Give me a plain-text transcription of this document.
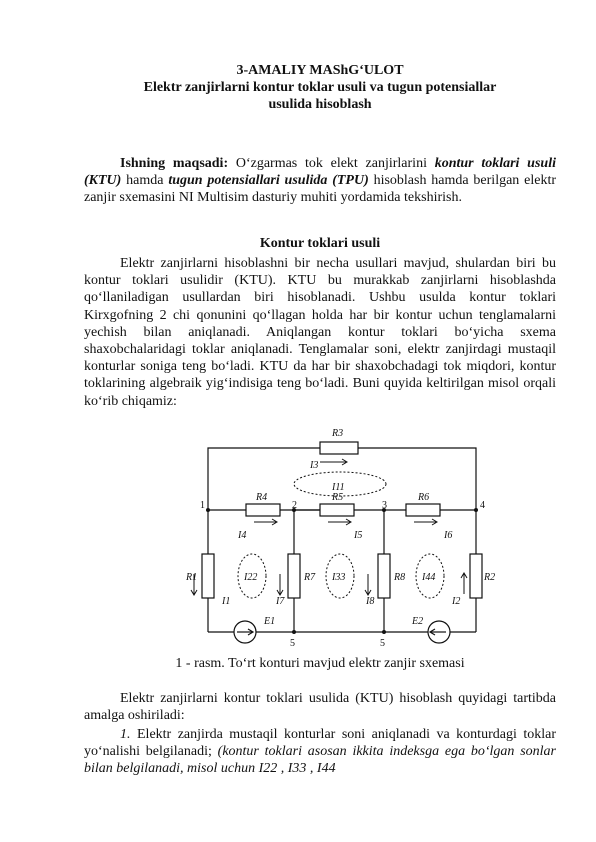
3-AMALIY MAShG‘ULOT
Elektr zanjirlarni kontur toklar usuli va tugun potensiallar
usulida hisoblash
Ishning maqsadi: O‘zgarmas tok elekt zanjirlarini kontur toklari usuli (KTU) hamda tugun potensiallari usulida (TPU) hisoblash hamda berilgan elektr zanjir sxemasini NI Multisim dasturiy muhiti yordamida tekshirish.
Kontur toklari usuli
Elektr zanjirlarni hisoblashni bir necha usullari mavjud, shulardan biri bu kontur toklari usulidir (KTU). KTU bu murakkab zanjirlarni hisoblashda qo‘llaniladigan usullardan biri hisoblanadi. Ushbu usulda kontur toklari Kirxgofning 2 chi qonunini qo‘llagan holda har bir kontur uchun tenglamalarni yechish bilan aniqlanadi. Aniqlangan kontur toklari bo‘yicha sxema shaxobchalaridagi toklar aniqlanadi. Tenglamalar soni, elektr zanjirdagi mustaqil konturlar soniga teng bo‘ladi. KTU da har bir shaxobchadagi tok miqdori, kontur toklarining algebraik yig‘indisiga teng bo‘ladi. Buni quyida keltirilgan misol orqali ko‘rib chiqamiz:
R3
I3
I11
1	2	3	4
R4	R5	R6
I4	I5	I6
R1	R7	R8	R2
I1	I7	I8	I2
I22	I33	I44
E1	E2
5	5
1 - rasm. To‘rt konturi mavjud elektr zanjir sxemasi
Elektr zanjirlarni kontur toklari usulida (KTU) hisoblash quyidagi tartibda amalga oshiriladi:
1. Elektr zanjirda mustaqil konturlar soni aniqlanadi va konturdagi toklar yo‘nalishi belgilanadi; (kontur toklari asosan ikkita indeksga ega bo‘lgan sonlar bilan belgilanadi, misol uchun I22 , I33 , I44
